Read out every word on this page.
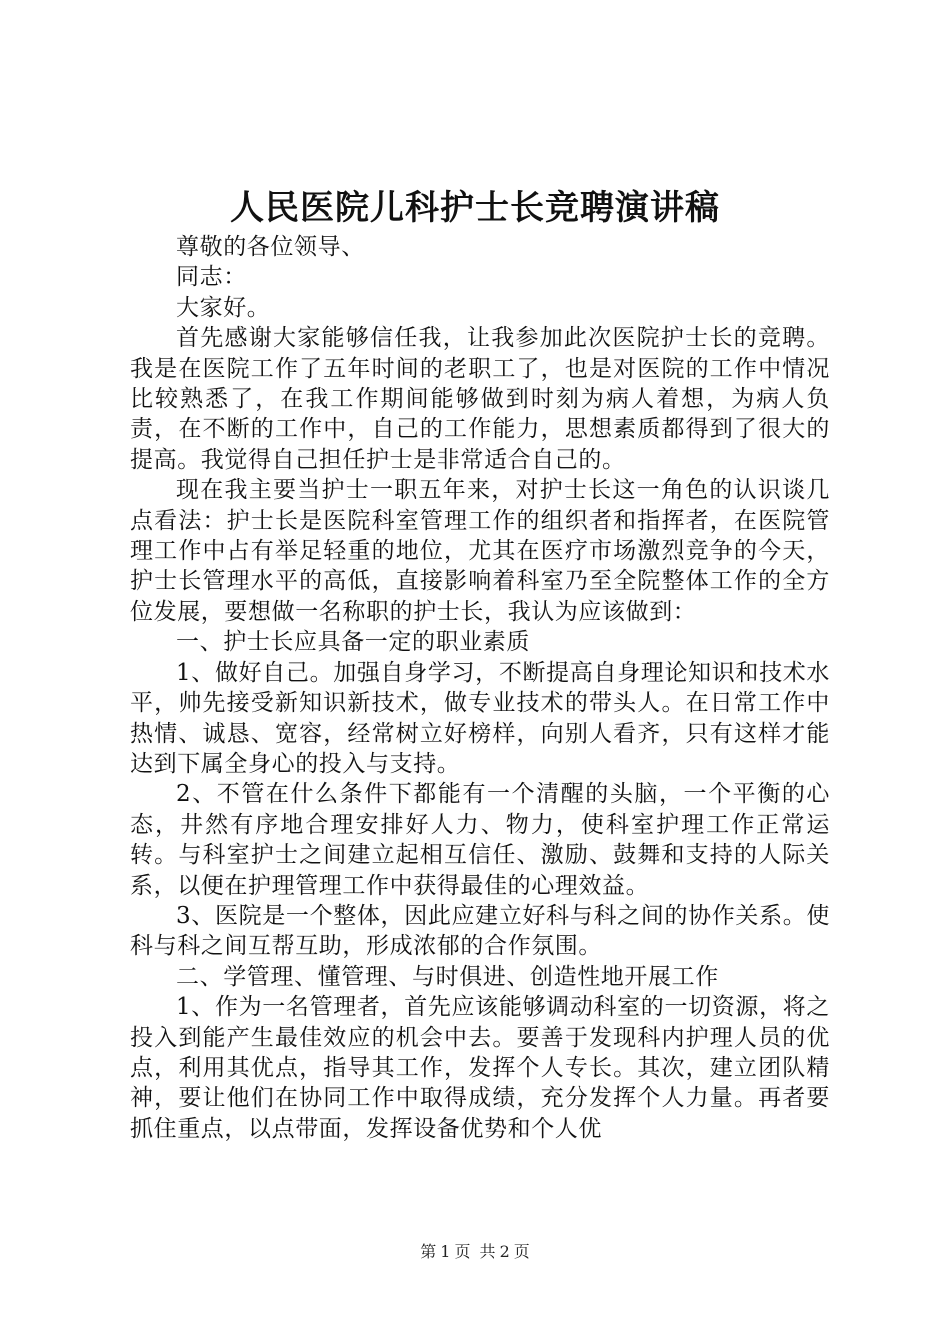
人民医院儿科护士长竞聘演讲稿

尊敬的各位领导、

同志：

大家好。

首先感谢大家能够信任我，让我参加此次医院护士长的竞聘。我是在医院工作了五年时间的老职工了，也是对医院的工作中情况比较熟悉了，在我工作期间能够做到时刻为病人着想，为病人负责，在不断的工作中，自己的工作能力，思想素质都得到了很大的提高。我觉得自己担任护士是非常适合自己的。

现在我主要当护士一职五年来，对护士长这一角色的认识谈几点看法：护士长是医院科室管理工作的组织者和指挥者，在医院管理工作中占有举足轻重的地位，尤其在医疗市场激烈竞争的今天，护士长管理水平的高低，直接影响着科室乃至全院整体工作的全方位发展，要想做一名称职的护士长，我认为应该做到：

一、护士长应具备一定的职业素质

1、做好自己。加强自身学习，不断提高自身理论知识和技术水平，帅先接受新知识新技术，做专业技术的带头人。在日常工作中热情、诚恳、宽容，经常树立好榜样，向别人看齐，只有这样才能达到下属全身心的投入与支持。

2、不管在什么条件下都能有一个清醒的头脑，一个平衡的心态，井然有序地合理安排好人力、物力，使科室护理工作正常运转。与科室护士之间建立起相互信任、激励、鼓舞和支持的人际关系，以便在护理管理工作中获得最佳的心理效益。

3、医院是一个整体，因此应建立好科与科之间的协作关系。使科与科之间互帮互助，形成浓郁的合作氛围。

二、学管理、懂管理、与时俱进、创造性地开展工作

1、作为一名管理者，首先应该能够调动科室的一切资源，将之投入到能产生最佳效应的机会中去。要善于发现科内护理人员的优点，利用其优点，指导其工作，发挥个人专长。其次，建立团队精神，要让他们在协同工作中取得成绩，充分发挥个人力量。再者要抓住重点，以点带面，发挥设备优势和个人优

第 1 页 共 2 页
